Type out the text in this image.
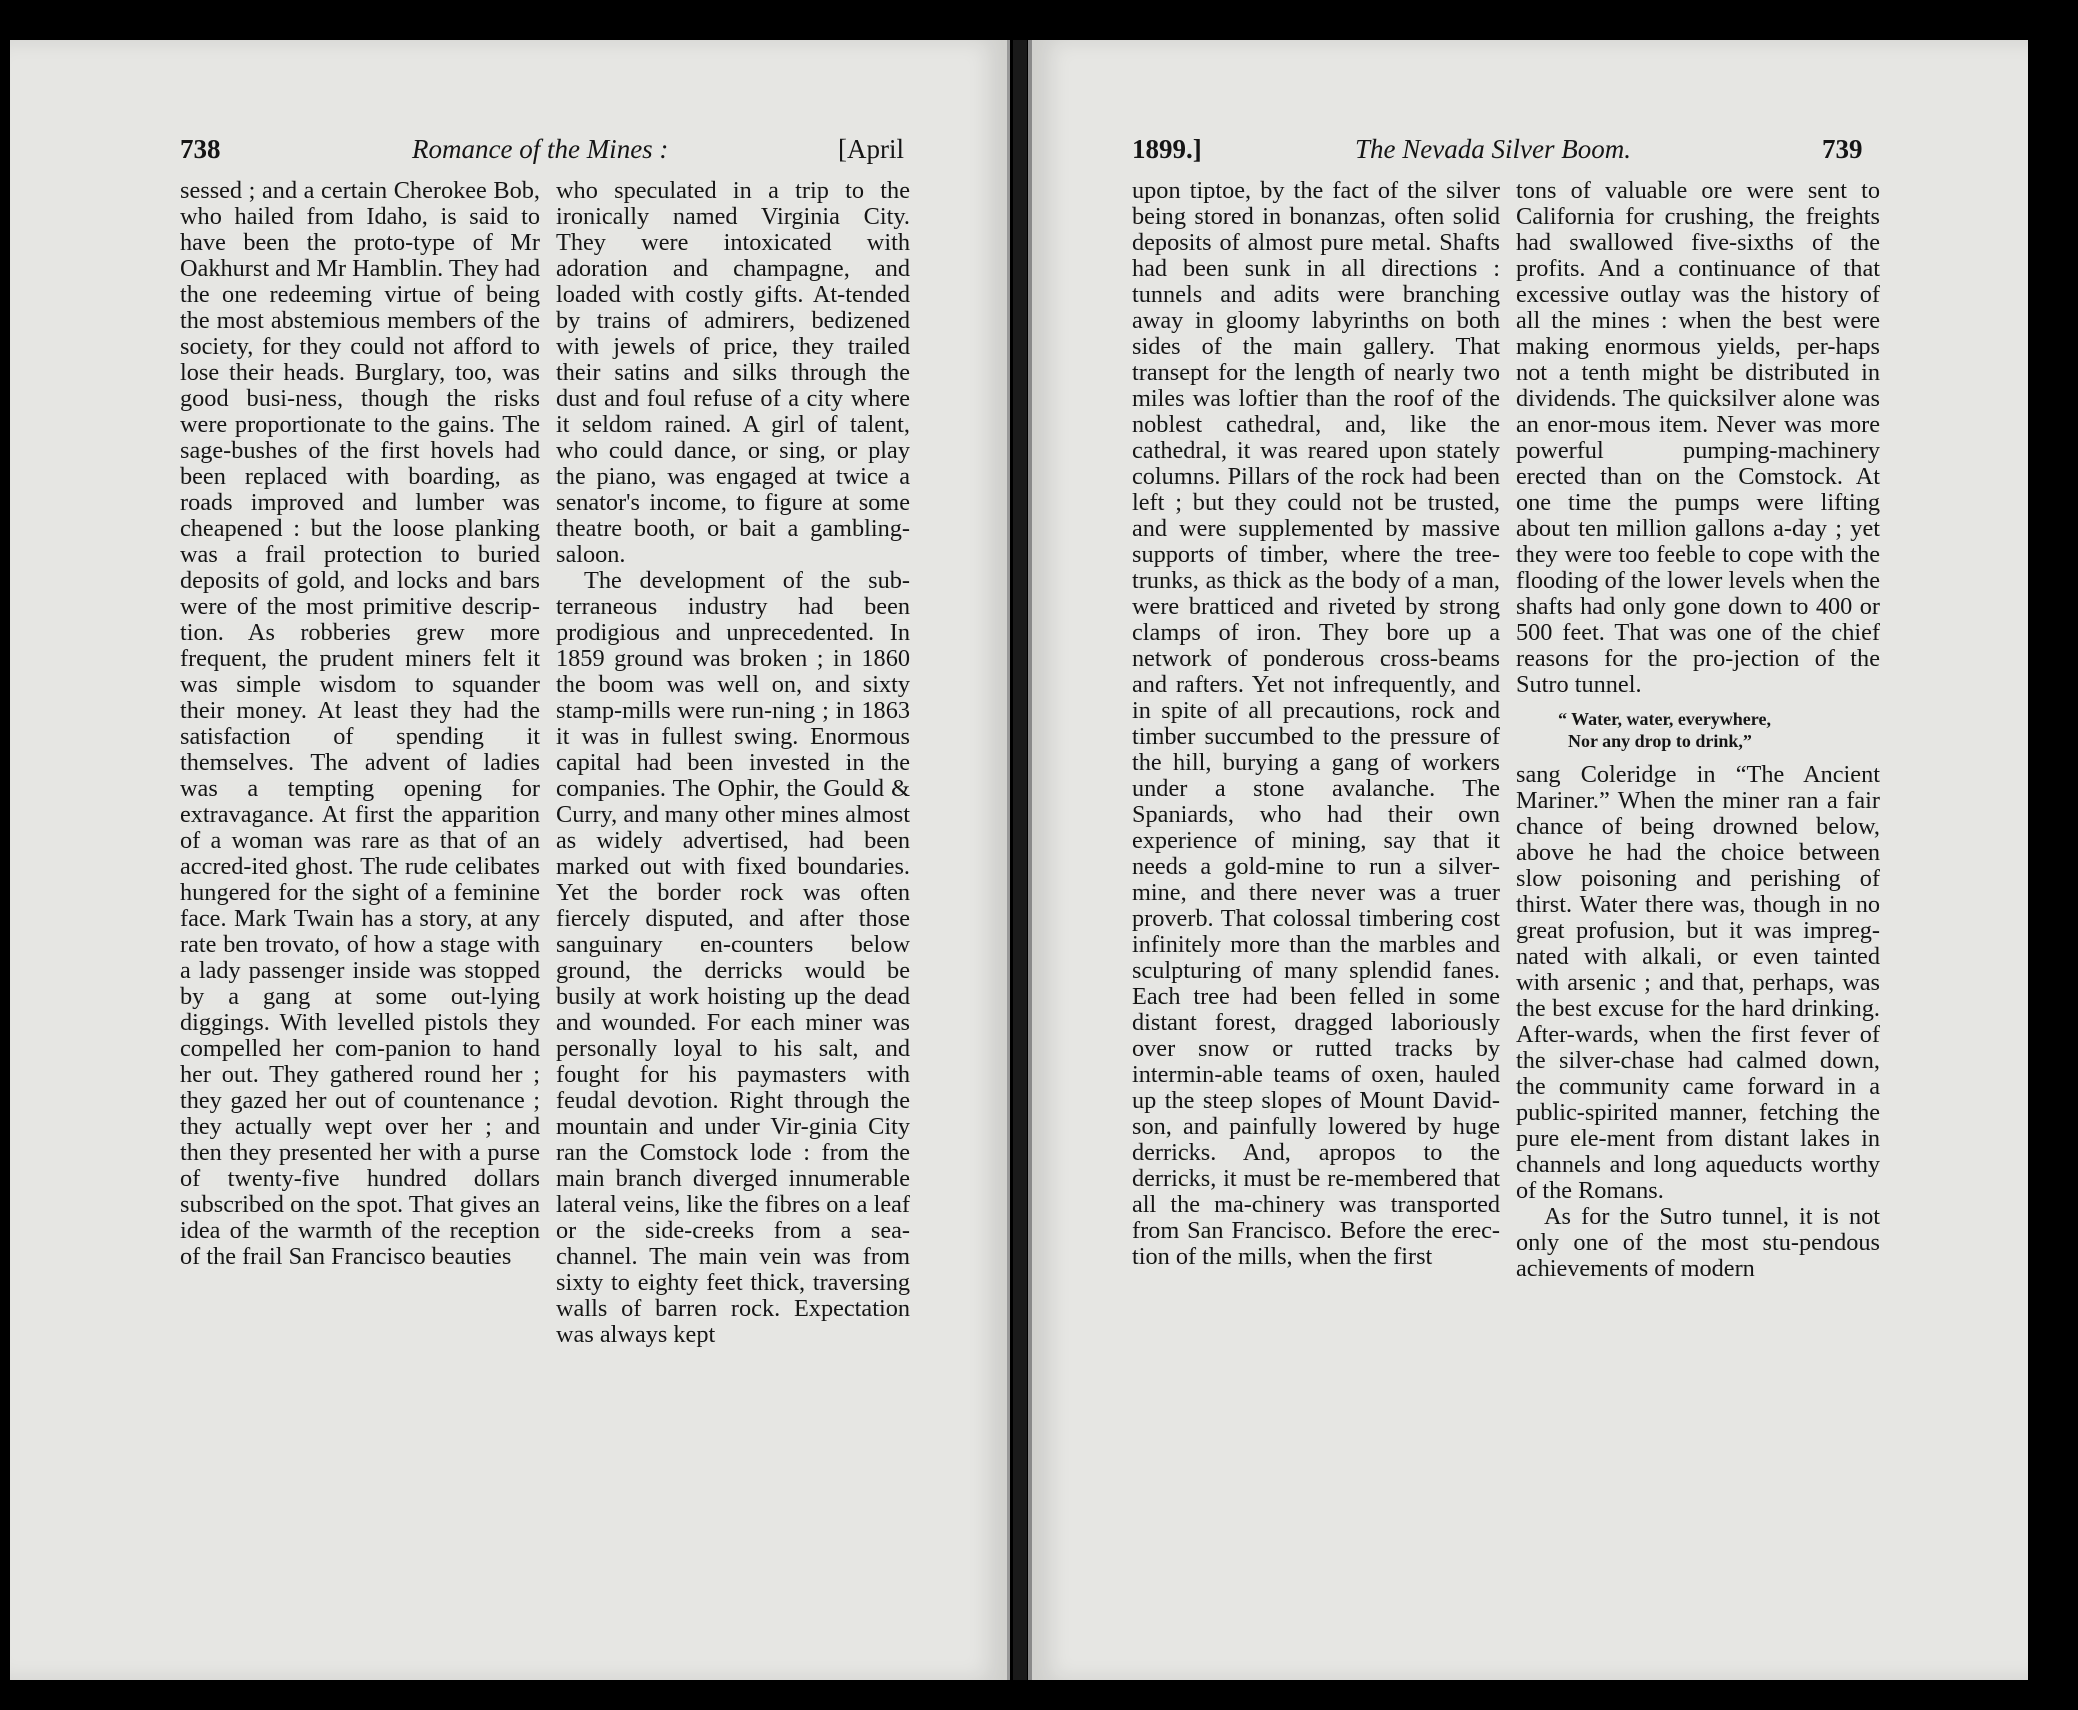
738	Romance of the Mines :	[April	1899.]	The Nevada Silver Boom.	739

sessed ; and a certain Cherokee Bob, who hailed from Idaho, is said to have been the proto-type of Mr Oakhurst and Mr Hamblin. They had the one redeeming virtue of being the most abstemious members of the society, for they could not afford to lose their heads. Burglary, too, was good busi-ness, though the risks were proportionate to the gains. The sage-bushes of the first hovels had been replaced with boarding, as roads improved and lumber was cheapened : but the loose planking was a frail protection to buried deposits of gold, and locks and bars were of the most primitive descrip-tion. As robberies grew more frequent, the prudent miners felt it was simple wisdom to squander their money. At least they had the satisfaction of spending it themselves. The advent of ladies was a tempting opening for extravagance. At first the apparition of a woman was rare as that of an accred-ited ghost. The rude celibates hungered for the sight of a feminine face. Mark Twain has a story, at any rate ben trovato, of how a stage with a lady passenger inside was stopped by a gang at some out-lying diggings. With levelled pistols they compelled her com-panion to hand her out. They gathered round her ; they gazed her out of countenance ; they actually wept over her ; and then they presented her with a purse of twenty-five hundred dollars subscribed on the spot. That gives an idea of the warmth of the reception of the frail San Francisco beauties

who speculated in a trip to the ironically named Virginia City. They were intoxicated with adoration and champagne, and loaded with costly gifts. At-tended by trains of admirers, bedizened with jewels of price, they trailed their satins and silks through the dust and foul refuse of a city where it seldom rained. A girl of talent, who could dance, or sing, or play the piano, was engaged at twice a senator's income, to figure at some theatre booth, or bait a gambling-saloon.

The development of the sub-terraneous industry had been prodigious and unprecedented. In 1859 ground was broken ; in 1860 the boom was well on, and sixty stamp-mills were run-ning ; in 1863 it was in fullest swing. Enormous capital had been invested in the companies. The Ophir, the Gould & Curry, and many other mines almost as widely advertised, had been marked out with fixed boundaries. Yet the border rock was often fiercely disputed, and after those sanguinary en-counters below ground, the derricks would be busily at work hoisting up the dead and wounded. For each miner was personally loyal to his salt, and fought for his paymasters with feudal devotion. Right through the mountain and under Vir-ginia City ran the Comstock lode : from the main branch diverged innumerable lateral veins, like the fibres on a leaf or the side-creeks from a sea-channel. The main vein was from sixty to eighty feet thick, traversing walls of barren rock. Expectation was always kept

upon tiptoe, by the fact of the silver being stored in bonanzas, often solid deposits of almost pure metal. Shafts had been sunk in all directions : tunnels and adits were branching away in gloomy labyrinths on both sides of the main gallery. That transept for the length of nearly two miles was loftier than the roof of the noblest cathedral, and, like the cathedral, it was reared upon stately columns. Pillars of the rock had been left ; but they could not be trusted, and were supplemented by massive supports of timber, where the tree-trunks, as thick as the body of a man, were bratticed and riveted by strong clamps of iron. They bore up a network of ponderous cross-beams and rafters. Yet not infrequently, and in spite of all precautions, rock and timber succumbed to the pressure of the hill, burying a gang of workers under a stone avalanche. The Spaniards, who had their own experience of mining, say that it needs a gold-mine to run a silver-mine, and there never was a truer proverb. That colossal timbering cost infinitely more than the marbles and sculpturing of many splendid fanes. Each tree had been felled in some distant forest, dragged laboriously over snow or rutted tracks by intermin-able teams of oxen, hauled up the steep slopes of Mount David-son, and painfully lowered by huge derricks. And, apropos to the derricks, it must be re-membered that all the ma-chinery was transported from San Francisco. Before the erec-tion of the mills, when the first

tons of valuable ore were sent to California for crushing, the freights had swallowed five-sixths of the profits. And a continuance of that excessive outlay was the history of all the mines : when the best were making enormous yields, per-haps not a tenth might be distributed in dividends. The quicksilver alone was an enor-mous item. Never was more powerful pumping-machinery erected than on the Comstock. At one time the pumps were lifting about ten million gallons a-day ; yet they were too feeble to cope with the flooding of the lower levels when the shafts had only gone down to 400 or 500 feet. That was one of the chief reasons for the pro-jection of the Sutro tunnel.

“ Water, water, everywhere,
Nor any drop to drink,”

sang Coleridge in “The Ancient Mariner.” When the miner ran a fair chance of being drowned below, above he had the choice between slow poisoning and perishing of thirst. Water there was, though in no great profusion, but it was impreg-nated with alkali, or even tainted with arsenic ; and that, perhaps, was the best excuse for the hard drinking. After-wards, when the first fever of the silver-chase had calmed down, the community came forward in a public-spirited manner, fetching the pure ele-ment from distant lakes in channels and long aqueducts worthy of the Romans.

As for the Sutro tunnel, it is not only one of the most stu-pendous achievements of modern
